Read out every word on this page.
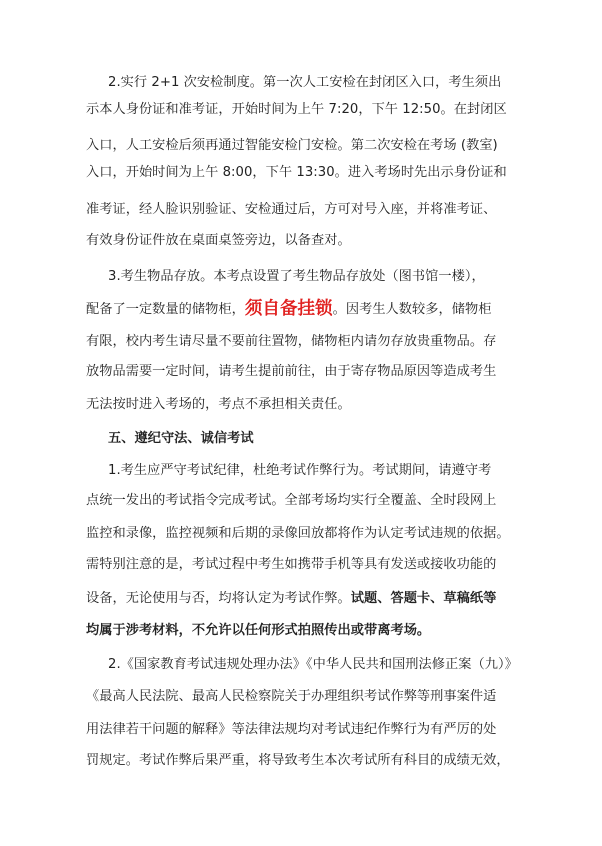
2.实行 2+1 次安检制度。第一次人工安检在封闭区入口，考生须出
示本人身份证和准考证，开始时间为上午 7:20，下午 12:50。在封闭区
入口，人工安检后须再通过智能安检门安检。第二次安检在考场 (教室)
入口，开始时间为上午 8:00，下午 13:30。进入考场时先出示身份证和
准考证，经人脸识别验证、安检通过后，方可对号入座，并将准考证、
有效身份证件放在桌面桌签旁边，以备查对。
3.考生物品存放。本考点设置了考生物品存放处（图书馆一楼），
配备了一定数量的储物柜，须自备挂锁。因考生人数较多，储物柜
有限，校内考生请尽量不要前往置物，储物柜内请勿存放贵重物品。存
放物品需要一定时间，请考生提前前往，由于寄存物品原因等造成考生
无法按时进入考场的，考点不承担相关责任。
五、遵纪守法、诚信考试
1.考生应严守考试纪律，杜绝考试作弊行为。考试期间，请遵守考
点统一发出的考试指令完成考试。全部考场均实行全覆盖、全时段网上
监控和录像，监控视频和后期的录像回放都将作为认定考试违规的依据。
需特别注意的是，考试过程中考生如携带手机等具有发送或接收功能的
设备，无论使用与否，均将认定为考试作弊。试题、答题卡、草稿纸等
均属于涉考材料，不允许以任何形式拍照传出或带离考场。
2.《国家教育考试违规处理办法》《中华人民共和国刑法修正案（九）》
《最高人民法院、最高人民检察院关于办理组织考试作弊等刑事案件适
用法律若干问题的解释》等法律法规均对考试违纪作弊行为有严厉的处
罚规定。考试作弊后果严重，将导致考生本次考试所有科目的成绩无效，
